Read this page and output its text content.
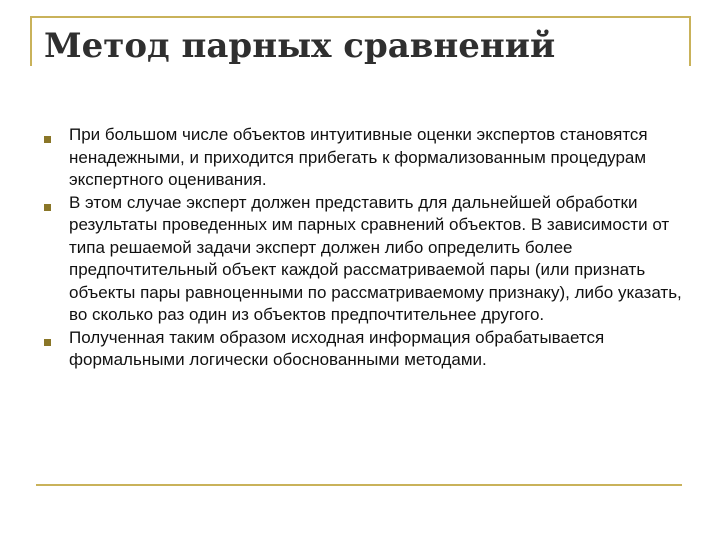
Метод парных сравнений
При большом числе объектов интуитивные оценки экспертов становятся ненадежными, и приходится прибегать к формализованным процедурам экспертного оценивания.
В этом случае эксперт должен представить для дальнейшей обработки результаты проведенных им парных сравнений объектов. В зависимости от типа решаемой задачи эксперт должен либо определить более предпочтительный объект каждой рассматриваемой пары (или признать объекты пары равноценными по рассматриваемому признаку), либо указать, во сколько раз один из объектов предпочтительнее другого.
Полученная таким образом исходная информация обрабатывается формальными логически обоснованными методами.
